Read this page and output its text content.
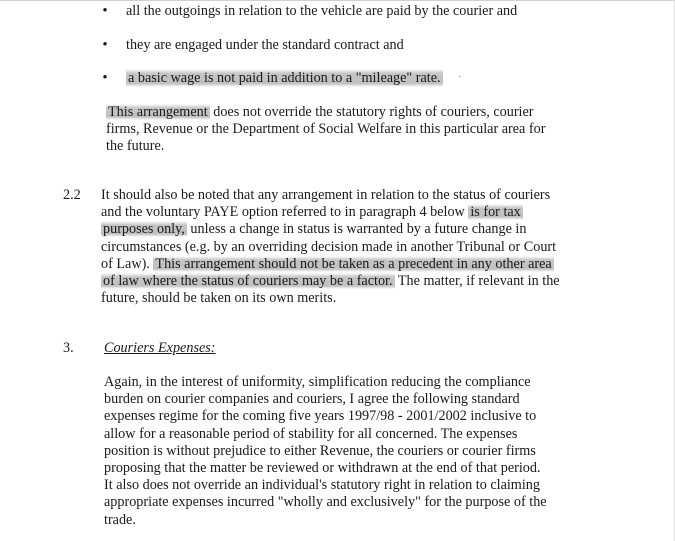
• all the outgoings in relation to the vehicle are paid by the courier and
• they are engaged under the standard contract and
• a basic wage is not paid in addition to a "mileage" rate. ·
This arrangement does not override the statutory rights of couriers, courier
firms, Revenue or the Department of Social Welfare in this particular area for
the future.
2.2 It should also be noted that any arrangement in relation to the status of couriers
and the voluntary PAYE option referred to in paragraph 4 below is for tax
purposes only, unless a change in status is warranted by a future change in
circumstances (e.g. by an overriding decision made in another Tribunal or Court
of Law). This arrangement should not be taken as a precedent in any other area
of law where the status of couriers may be a factor. The matter, if relevant in the
future, should be taken on its own merits.
3. Couriers Expenses:
Again, in the interest of uniformity, simplification reducing the compliance
burden on courier companies and couriers, I agree the following standard
expenses regime for the coming five years 1997/98 - 2001/2002 inclusive to
allow for a reasonable period of stability for all concerned. The expenses
position is without prejudice to either Revenue, the couriers or courier firms
proposing that the matter be reviewed or withdrawn at the end of that period.
It also does not override an individual's statutory right in relation to claiming
appropriate expenses incurred "wholly and exclusively" for the purpose of the
trade.
